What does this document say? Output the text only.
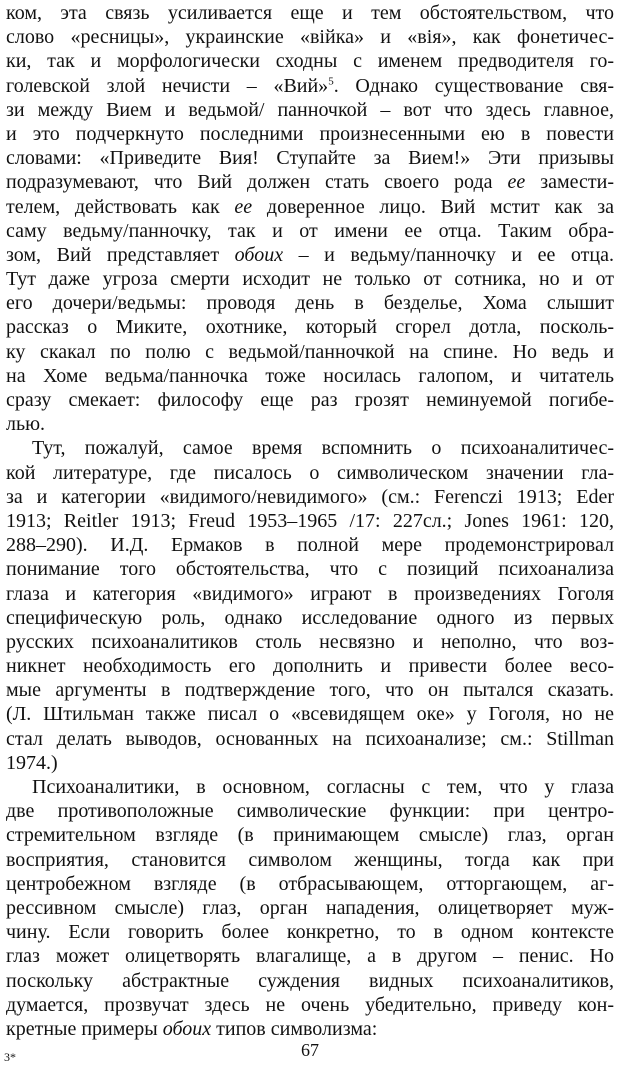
ком, эта связь усиливается еще и тем обстоятельством, что
слово «ресницы», украинские «вiйка» и «вiя», как фонетичес-
ки, так и морфологически сходны с именем предводителя го-
голевской злой нечисти – «Вий»$^5$. Однако существование свя-
зи между Вием и ведьмой/ панночкой – вот что здесь главное,
и это подчеркнуто последними произнесенными ею в повести
словами: «Приведите Вия! Ступайте за Вием!» Эти призывы
подразумевают, что Вий должен стать своего рода ее замести-
телем, действовать как ее доверенное лицо. Вий мстит как за
саму ведьму/панночку, так и от имени ее отца. Таким обра-
зом, Вий представляет обоих – и ведьму/панночку и ее отца.
Тут даже угроза смерти исходит не только от сотника, но и от
его дочери/ведьмы: проводя день в безделье, Хома слышит
рассказ о Миките, охотнике, который сгорел дотла, посколь-
ку скакал по полю с ведьмой/панночкой на спине. Но ведь и
на Хоме ведьма/панночка тоже носилась галопом, и читатель
сразу смекает: философу еще раз грозят неминуемой погибе-
лью.
Тут, пожалуй, самое время вспомнить о психоаналитичес-
кой литературе, где писалось о символическом значении гла-
за и категории «видимого/невидимого» (см.: Ferenczi 1913; Eder
1913; Reitler 1913; Freud 1953–1965 /17: 227сл.; Jones 1961: 120,
288–290). И.Д. Ермаков в полной мере продемонстрировал
понимание того обстоятельства, что с позиций психоанализа
глаза и категория «видимого» играют в произведениях Гоголя
специфическую роль, однако исследование одного из первых
русских психоаналитиков столь несвязно и неполно, что воз-
никнет необходимость его дополнить и привести более весо-
мые аргументы в подтверждение того, что он пытался сказать.
(Л. Штильман также писал о «всевидящем оке» у Гоголя, но не
стал делать выводов, основанных на психоанализе; см.: Stillman
1974.)
Психоаналитики, в основном, согласны с тем, что у глаза
две противоположные символические функции: при центро-
стремительном взгляде (в принимающем смысле) глаз, орган
восприятия, становится символом женщины, тогда как при
центробежном взгляде (в отбрасывающем, отторгающем, аг-
рессивном смысле) глаз, орган нападения, олицетворяет муж-
чину. Если говорить более конкретно, то в одном контексте
глаз может олицетворять влагалище, а в другом – пенис. Но
поскольку абстрактные суждения видных психоаналитиков,
думается, прозвучат здесь не очень убедительно, приведу кон-
кретные примеры обоих типов символизма:
3*	67
